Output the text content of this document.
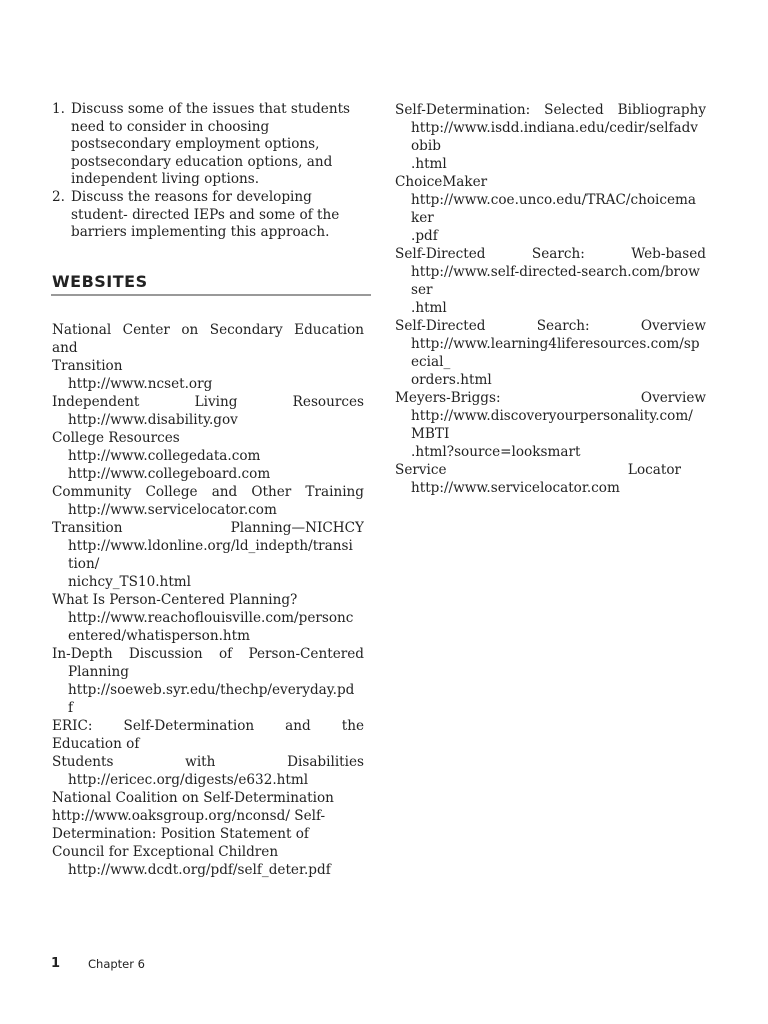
1. Discuss some of the issues that students need to consider in choosing postsecondary employment options, postsecondary education options, and independent living options.
2. Discuss the reasons for developing student- directed IEPs and some of the barriers implementing this approach.
WEBSITES
National Center on Secondary Education
and
Transition
http://www.ncset.org
Independent Living Resources
http://www.disability.gov
College Resources
http://www.collegedata.com
http://www.collegeboard.com
Community College and Other Training
http://www.servicelocator.com
Transition Planning—NICHCY
http://www.ldonline.org/ld_indepth/transi
tion/
nichcy_TS10.html
What Is Person-Centered Planning?
http://www.reachoflouisville.com/personc
entered/whatisperson.htm
In-Depth Discussion of Person-Centered
Planning
http://soeweb.syr.edu/thechp/everyday.pd
f
ERIC: Self-Determination and the
Education of
Students with Disabilities
http://ericec.org/digests/e632.html
National Coalition on Self-Determination
http://www.oaksgroup.org/nconsd/ Self-
Determination: Position Statement of
Council for Exceptional Children
http://www.dcdt.org/pdf/self_deter.pdf
Self-Determination: Selected Bibliography
http://www.isdd.indiana.edu/cedir/selfadv
obib
.html
ChoiceMaker
http://www.coe.unco.edu/TRAC/choicema
ker
.pdf
Self-Directed Search: Web-based
http://www.self-directed-search.com/brow
ser
.html
Self-Directed Search: Overview
http://www.learning4liferesources.com/sp
ecial_
orders.html
Meyers-Briggs: Overview
http://www.discoveryourpersonality.com/
MBTI
.html?source=looksmart
Service Locator
http://www.servicelocator.com
1 Chapter 6
